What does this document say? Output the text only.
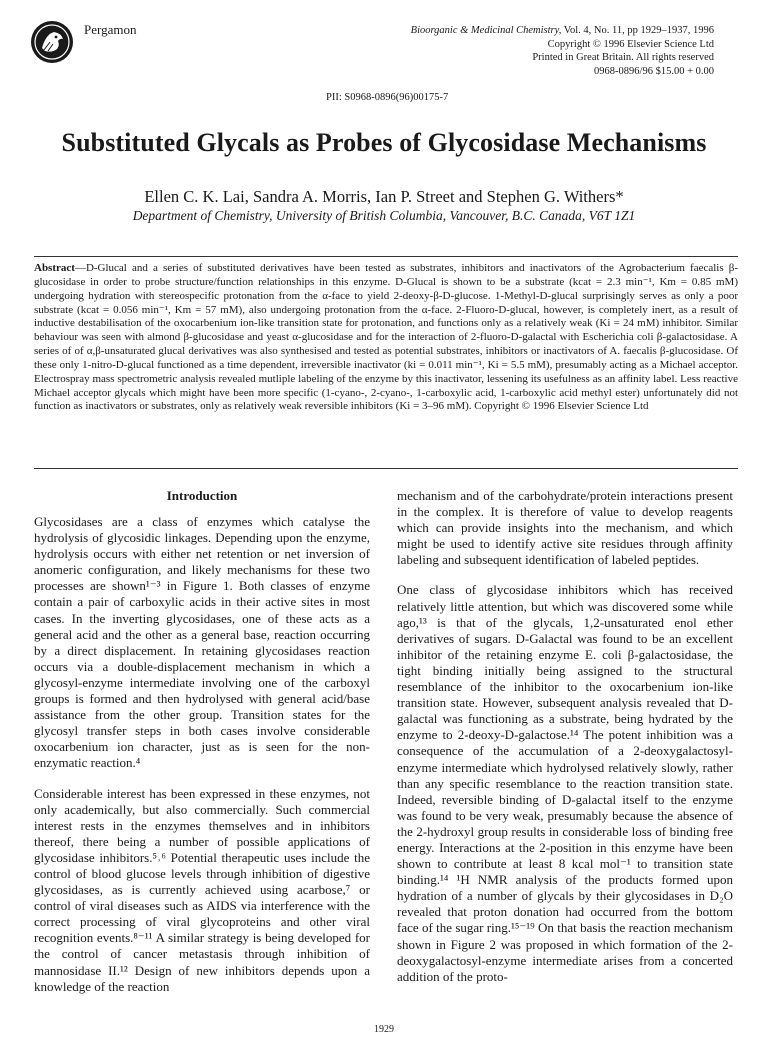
Pergamon	Bioorganic & Medicinal Chemistry, Vol. 4, No. 11, pp 1929–1937, 1996
Copyright © 1996 Elsevier Science Ltd
Printed in Great Britain. All rights reserved
0968-0896/96 $15.00 + 0.00
PII: S0968-0896(96)00175-7
Substituted Glycals as Probes of Glycosidase Mechanisms
Ellen C. K. Lai, Sandra A. Morris, Ian P. Street and Stephen G. Withers*
Department of Chemistry, University of British Columbia, Vancouver, B.C. Canada, V6T 1Z1

Abstract—D-Glucal and a series of substituted derivatives have been tested as substrates, inhibitors and inactivators of the Agrobacterium faecalis β-glucosidase in order to probe structure/function relationships in this enzyme. D-Glucal is shown to be a substrate (kcat = 2.3 min⁻¹, Km = 0.85 mM) undergoing hydration with stereospecific protonation from the α-face to yield 2-deoxy-β-D-glucose. 1-Methyl-D-glucal surprisingly serves as only a poor substrate (kcat = 0.056 min⁻¹, Km = 57 mM), also undergoing protonation from the α-face. 2-Fluoro-D-glucal, however, is completely inert, as a result of inductive destabilisation of the oxocarbenium ion-like transition state for protonation, and functions only as a relatively weak (Ki = 24 mM) inhibitor. Similar behaviour was seen with almond β-glucosidase and yeast α-glucosidase and for the interaction of 2-fluoro-D-galactal with Escherichia coli β-galactosidase. A series of of α,β-unsaturated glucal derivatives was also synthesised and tested as potential substrates, inhibitors or inactivators of A. faecalis β-glucosidase. Of these only 1-nitro-D-glucal functioned as a time dependent, irreversible inactivator (ki = 0.011 min⁻¹, Ki = 5.5 mM), presumably acting as a Michael acceptor. Electrospray mass spectrometric analysis revealed mutliple labeling of the enzyme by this inactivator, lessening its usefulness as an affinity label. Less reactive Michael acceptor glycals which might have been more specific (1-cyano-, 2-cyano-, 1-carboxylic acid, 1-carboxylic acid methyl ester) unfortunately did not function as inactivators or substrates, only as relatively weak reversible inhibitors (Ki = 3–96 mM). Copyright © 1996 Elsevier Science Ltd

Introduction

Glycosidases are a class of enzymes which catalyse the hydrolysis of glycosidic linkages. Depending upon the enzyme, hydrolysis occurs with either net retention or net inversion of anomeric configuration, and likely mechanisms for these two processes are shown¹⁻³ in Figure 1. Both classes of enzyme contain a pair of carboxylic acids in their active sites in most cases. In the inverting glycosidases, one of these acts as a general acid and the other as a general base, reaction occurring by a direct displacement. In retaining glycosidases reaction occurs via a double-displacement mechanism in which a glycosyl-enzyme intermediate involving one of the carboxyl groups is formed and then hydrolysed with general acid/base assistance from the other group. Transition states for the glycosyl transfer steps in both cases involve considerable oxocarbenium ion character, just as is seen for the non-enzymatic reaction.⁴

Considerable interest has been expressed in these enzymes, not only academically, but also commercially. Such commercial interest rests in the enzymes themselves and in inhibitors thereof, there being a number of possible applications of glycosidase inhibitors.⁵˒⁶ Potential therapeutic uses include the control of blood glucose levels through inhibition of digestive glycosidases, as is currently achieved using acarbose,⁷ or control of viral diseases such as AIDS via interference with the correct processing of viral glycoproteins and other viral recognition events.⁸⁻¹¹ A similar strategy is being developed for the control of cancer metastasis through inhibition of mannosidase II.¹² Design of new inhibitors depends upon a knowledge of the reaction

mechanism and of the carbohydrate/protein interactions present in the complex. It is therefore of value to develop reagents which can provide insights into the mechanism, and which might be used to identify active site residues through affinity labeling and subsequent identification of labeled peptides.

One class of glycosidase inhibitors which has received relatively little attention, but which was discovered some while ago,¹³ is that of the glycals, 1,2-unsaturated enol ether derivatives of sugars. D-Galactal was found to be an excellent inhibitor of the retaining enzyme E. coli β-galactosidase, the tight binding initially being assigned to the structural resemblance of the inhibitor to the oxocarbenium ion-like transition state. However, subsequent analysis revealed that D-galactal was functioning as a substrate, being hydrated by the enzyme to 2-deoxy-D-galactose.¹⁴ The potent inhibition was a consequence of the accumulation of a 2-deoxygalactosyl-enzyme intermediate which hydrolysed relatively slowly, rather than any specific resemblance to the reaction transition state. Indeed, reversible binding of D-galactal itself to the enzyme was found to be very weak, presumably because the absence of the 2-hydroxyl group results in considerable loss of binding free energy. Interactions at the 2-position in this enzyme have been shown to contribute at least 8 kcal mol⁻¹ to transition state binding.¹⁴ ¹H NMR analysis of the products formed upon hydration of a number of glycals by their glycosidases in D₂O revealed that proton donation had occurred from the bottom face of the sugar ring.¹⁵⁻¹⁹ On that basis the reaction mechanism shown in Figure 2 was proposed in which formation of the 2-deoxygalactosyl-enzyme intermediate arises from a concerted addition of the proto-

1929
